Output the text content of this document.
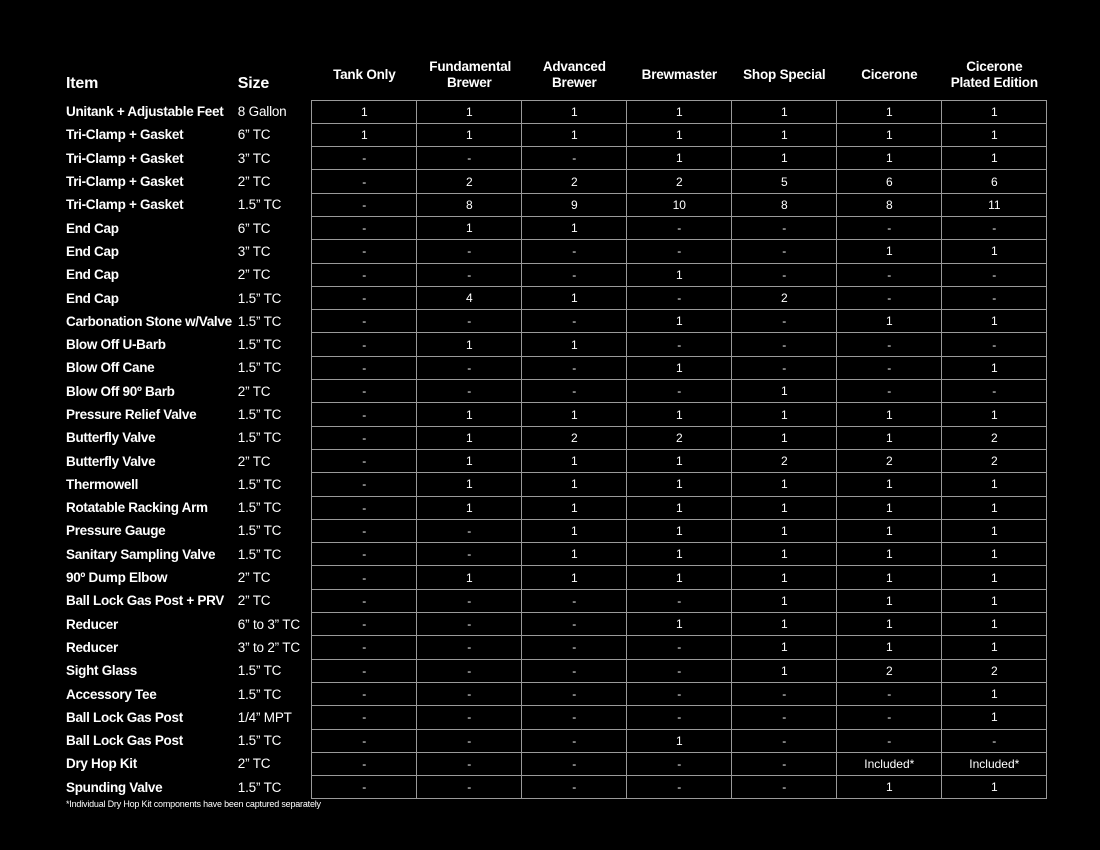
Item	Size	Tank Only	Fundamental Brewer	Advanced Brewer	Brewmaster	Shop Special	Cicerone	Cicerone Plated Edition

Unitank + Adjustable Feet	8 Gallon	1	1	1	1	1	1	1
Tri-Clamp + Gasket	6” TC	1	1	1	1	1	1	1
Tri-Clamp + Gasket	3” TC	-	-	-	1	1	1	1
Tri-Clamp + Gasket	2” TC	-	2	2	2	5	6	6
Tri-Clamp + Gasket	1.5” TC	-	8	9	10	8	8	11
End Cap	6” TC	-	1	1	-	-	-	-
End Cap	3” TC	-	-	-	-	-	1	1
End Cap	2” TC	-	-	-	1	-	-	-
End Cap	1.5” TC	-	4	1	-	2	-	-
Carbonation Stone w/Valve	1.5” TC	-	-	-	1	-	1	1
Blow Off U-Barb	1.5” TC	-	1	1	-	-	-	-
Blow Off Cane	1.5” TC	-	-	-	1	-	-	1
Blow Off 90º Barb	2” TC	-	-	-	-	1	-	-
Pressure Relief Valve	1.5” TC	-	1	1	1	1	1	1
Butterfly Valve	1.5” TC	-	1	2	2	1	1	2
Butterfly Valve	2” TC	-	1	1	1	2	2	2
Thermowell	1.5” TC	-	1	1	1	1	1	1
Rotatable Racking Arm	1.5” TC	-	1	1	1	1	1	1
Pressure Gauge	1.5” TC	-	-	1	1	1	1	1
Sanitary Sampling Valve	1.5” TC	-	-	1	1	1	1	1
90º Dump Elbow	2” TC	-	1	1	1	1	1	1
Ball Lock Gas Post + PRV	2” TC	-	-	-	-	1	1	1
Reducer	6” to 3” TC	-	-	-	1	1	1	1
Reducer	3” to 2” TC	-	-	-	-	1	1	1
Sight Glass	1.5” TC	-	-	-	-	1	2	2
Accessory Tee	1.5” TC	-	-	-	-	-	-	1
Ball Lock Gas Post	1/4” MPT	-	-	-	-	-	-	1
Ball Lock Gas Post	1.5” TC	-	-	-	1	-	-	-
Dry Hop Kit	2” TC	-	-	-	-	-	Included*	Included*
Spunding Valve	1.5” TC	-	-	-	-	-	1	1
*Individual Dry Hop Kit components have been captured separately
